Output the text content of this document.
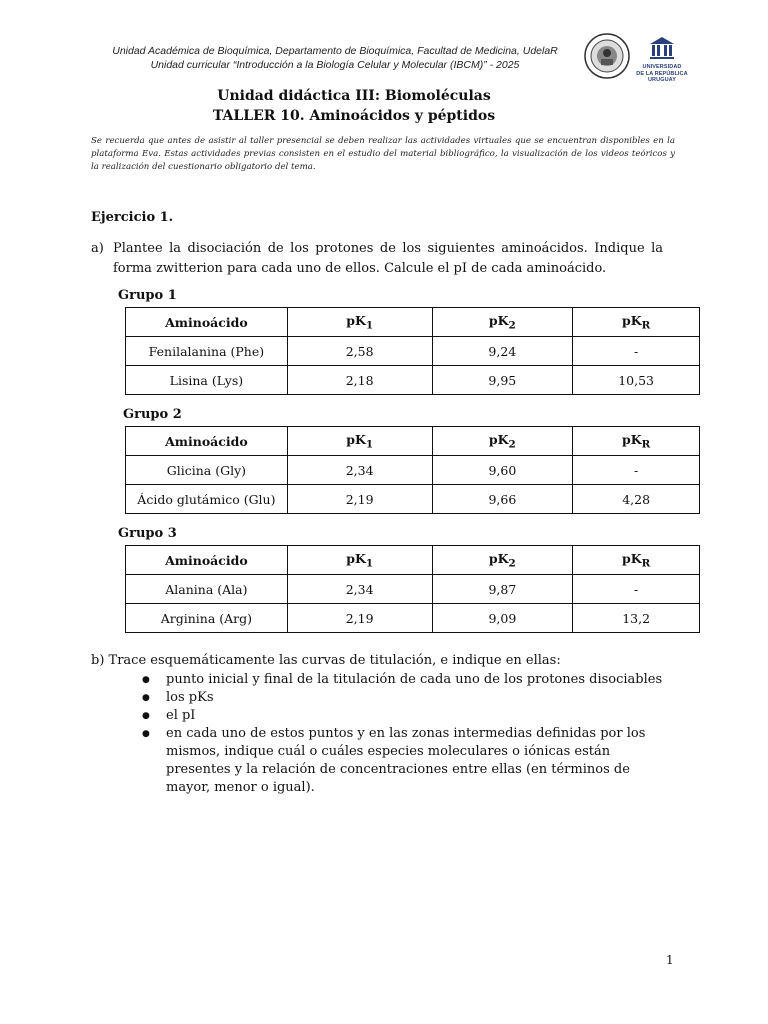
Unidad Académica de Bioquímica, Departamento de Bioquímica, Facultad de Medicina, UdelaR
Unidad curricular “Introducción a la Biología Celular y Molecular (IBCM)” - 2025	UNIVERSIDAD
DE LA REPÚBLICA
URUGUAY
Unidad didáctica III: Biomoléculas
TALLER 10. Aminoácidos y péptidos
Se recuerda que antes de asistir al taller presencial se deben realizar las actividades virtuales que se encuentran disponibles en la plataforma Eva. Estas actividades previas consisten en el estudio del material bibliográfico, la visualización de los videos teóricos y la realización del cuestionario obligatorio del tema.
Ejercicio 1.
a) Plantee la disociación de los protones de los siguientes aminoácidos. Indique la forma zwitterion para cada uno de ellos. Calcule el pI de cada aminoácido.
Grupo 1
Aminoácido	$pK_1$	$pK_2$	$pK_R$
Fenilalanina (Phe)	2,58	9,24	-
Lisina (Lys)	2,18	9,95	10,53
Grupo 2
Aminoácido	$pK_1$	$pK_2$	$pK_R$
Glicina (Gly)	2,34	9,60	-
Ácido glutámico (Glu)	2,19	9,66	4,28
Grupo 3
Aminoácido	$pK_1$	$pK_2$	$pK_R$
Alanina (Ala)	2,34	9,87	-
Arginina (Arg)	2,19	9,09	13,2
b) Trace esquemáticamente las curvas de titulación, e indique en ellas:
● punto inicial y final de la titulación de cada uno de los protones disociables
● los pKs
● el pI
● en cada uno de estos puntos y en las zonas intermedias definidas por los mismos, indique cuál o cuáles especies moleculares o iónicas están presentes y la relación de concentraciones entre ellas (en términos de mayor, menor o igual).
1
